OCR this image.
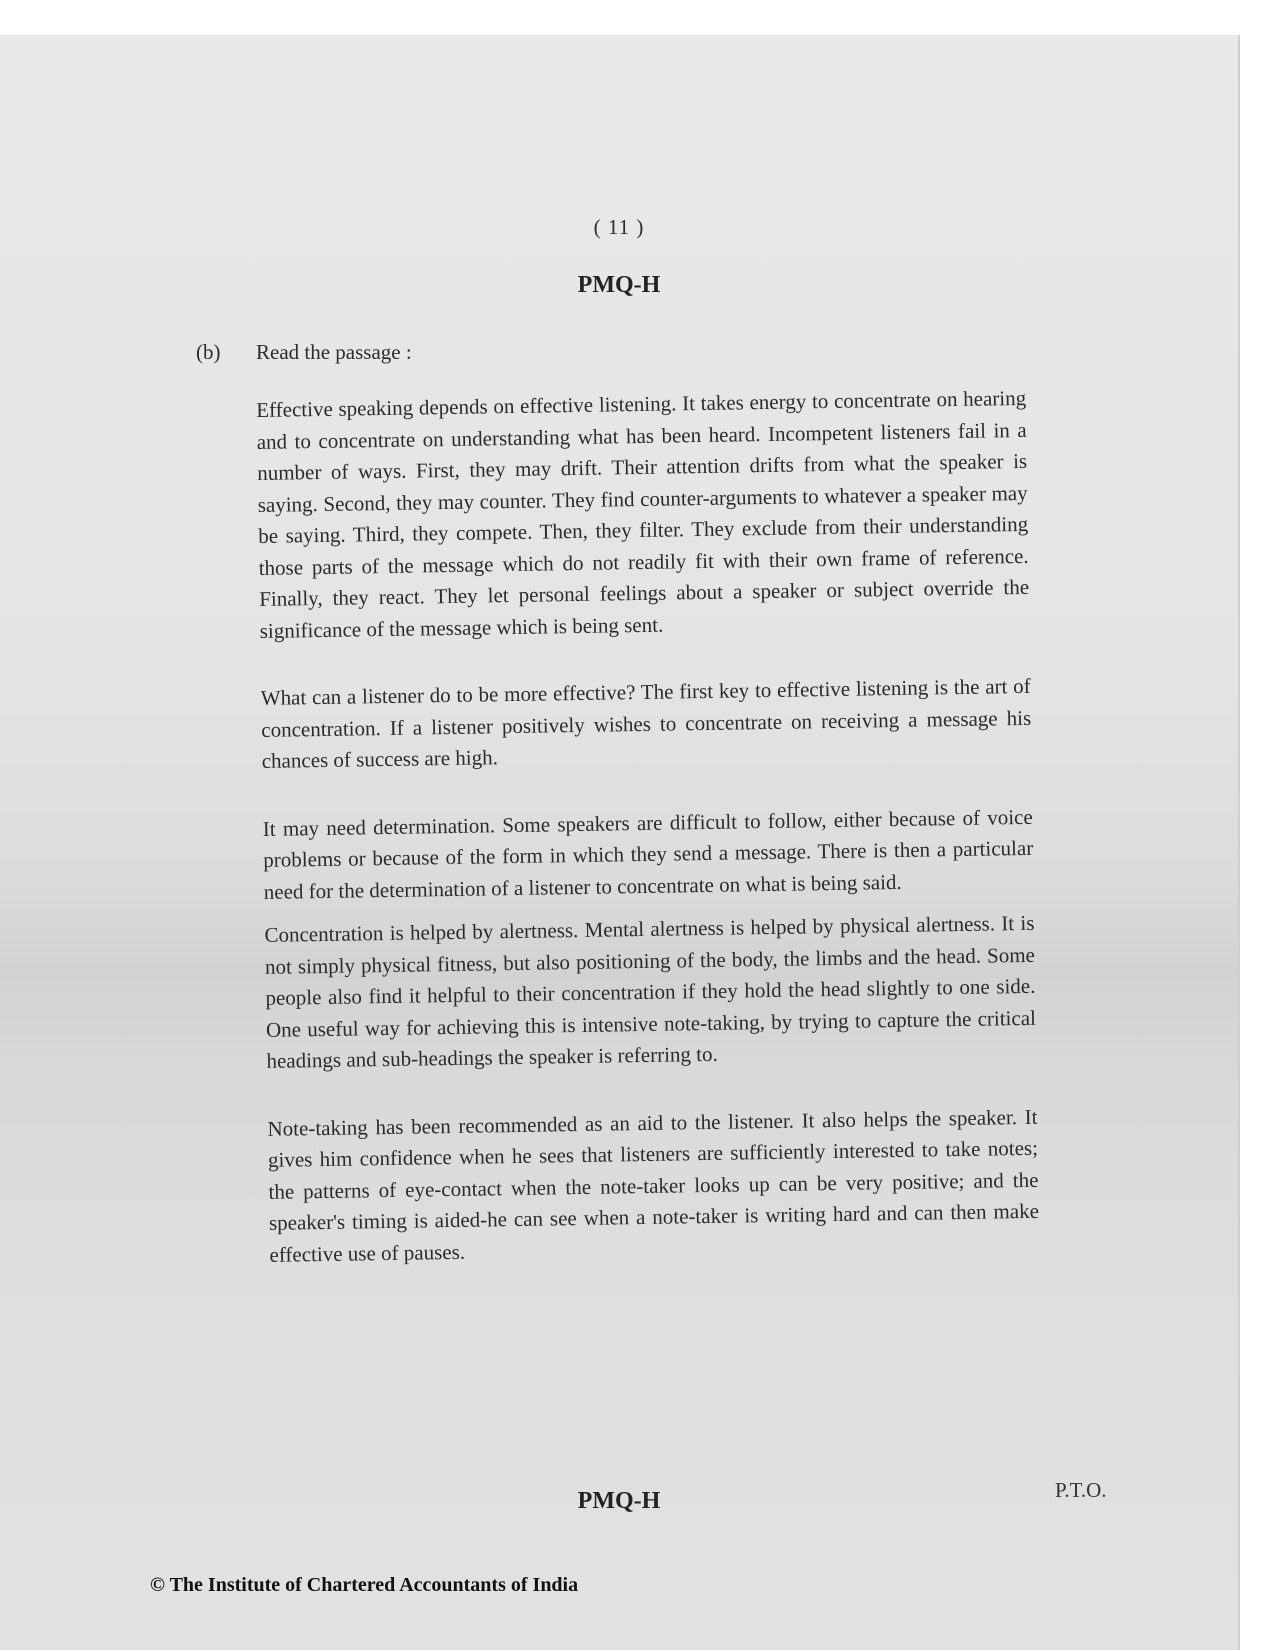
( 11 )
PMQ-H
(b) Read the passage :

Effective speaking depends on effective listening. It takes energy to concentrate on hearing and to concentrate on understanding what has been heard. Incompetent listeners fail in a number of ways. First, they may drift. Their attention drifts from what the speaker is saying. Second, they may counter. They find counter-arguments to whatever a speaker may be saying. Third, they compete. Then, they filter. They exclude from their understanding those parts of the message which do not readily fit with their own frame of reference. Finally, they react. They let personal feelings about a speaker or subject override the significance of the message which is being sent.

What can a listener do to be more effective? The first key to effective listening is the art of concentration. If a listener positively wishes to concentrate on receiving a message his chances of success are high.

It may need determination. Some speakers are difficult to follow, either because of voice problems or because of the form in which they send a message. There is then a particular need for the determination of a listener to concentrate on what is being said.

Concentration is helped by alertness. Mental alertness is helped by physical alertness. It is not simply physical fitness, but also positioning of the body, the limbs and the head. Some people also find it helpful to their concentration if they hold the head slightly to one side. One useful way for achieving this is intensive note-taking, by trying to capture the critical headings and sub-headings the speaker is referring to.

Note-taking has been recommended as an aid to the listener. It also helps the speaker. It gives him confidence when he sees that listeners are sufficiently interested to take notes; the patterns of eye-contact when the note-taker looks up can be very positive; and the speaker's timing is aided-he can see when a note-taker is writing hard and can then make effective use of pauses.

PMQ-H	P.T.O.
© The Institute of Chartered Accountants of India
